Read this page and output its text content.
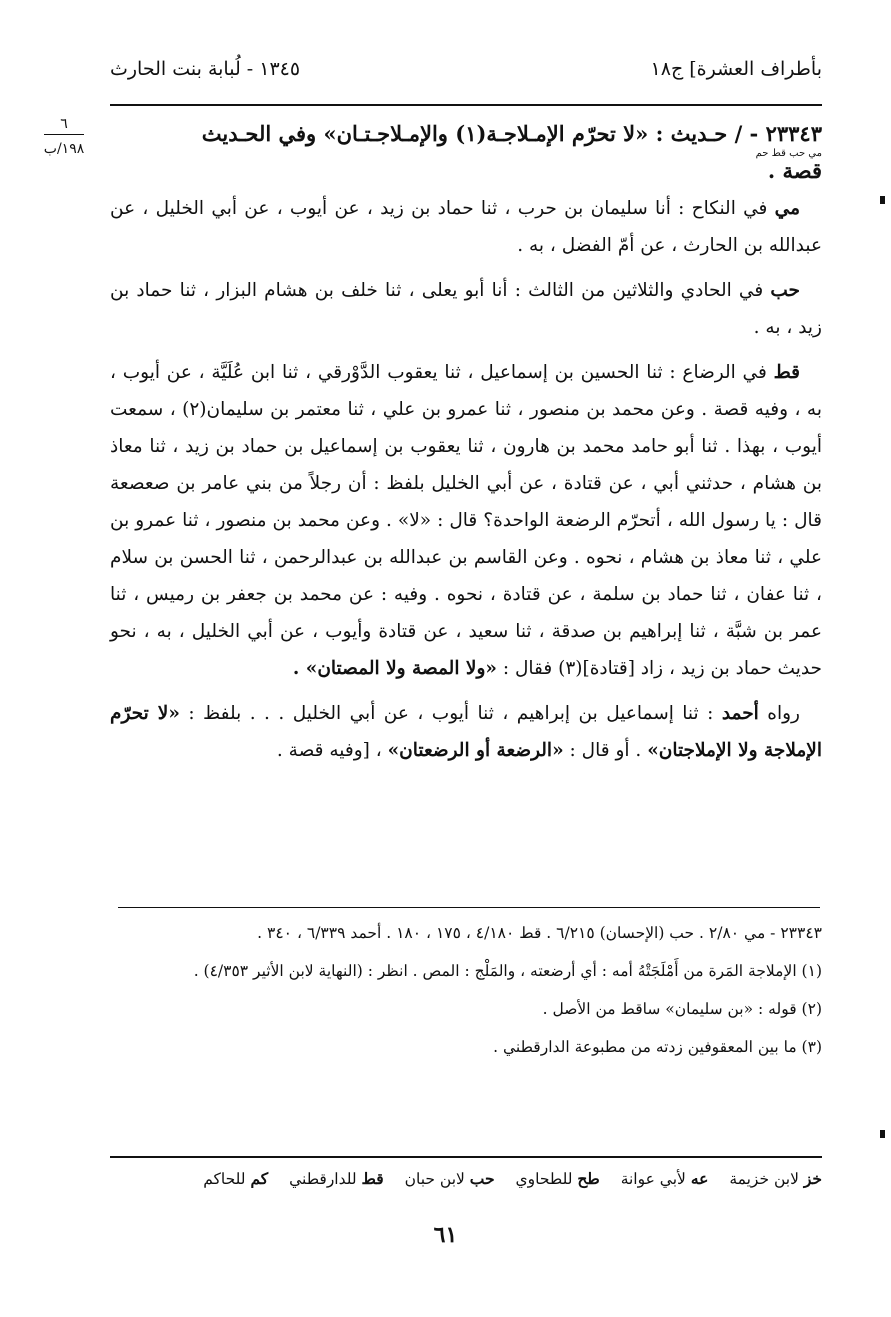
بأطراف العشرة] ج١٨
١٣٤٥ - لُبابة بنت الحارث
٦
١٩٨/ب
٢٣٣٤٣ - / حـديث : «لا تحرّم الإمـلاجـة(١) والإمـلاجـتـان» وفي الحـديث
مي حب قط حم
قصة .

مي في النكاح : أنا سليمان بن حرب ، ثنا حماد بن زيد ، عن أيوب ، عن أبي الخليل ، عن عبدالله بن الحارث ، عن أمّ الفضل ، به .

حب في الحادي والثلاثين من الثالث : أنا أبو يعلى ، ثنا خلف بن هشام البزار ، ثنا حماد بن زيد ، به .

قط في الرضاع : ثنا الحسين بن إسماعيل ، ثنا يعقوب الدَّوْرقي ، ثنا ابن عُلَيَّة ، عن أيوب ، به ، وفيه قصة . وعن محمد بن منصور ، ثنا عمرو بن علي ، ثنا معتمر بن سليمان(٢) ، سمعت أيوب ، بهذا . ثنا أبو حامد محمد بن هارون ، ثنا يعقوب بن إسماعيل بن حماد بن زيد ، ثنا معاذ بن هشام ، حدثني أبي ، عن قتادة ، عن أبي الخليل بلفظ : أن رجلاً من بني عامر بن صعصعة قال : يا رسول الله ، أتحرّم الرضعة الواحدة؟ قال : «لا» . وعن محمد بن منصور ، ثنا عمرو بن علي ، ثنا معاذ بن هشام ، نحوه . وعن القاسم بن عبدالله بن عبدالرحمن ، ثنا الحسن بن سلام ، ثنا عفان ، ثنا حماد بن سلمة ، عن قتادة ، نحوه . وفيه : عن محمد بن جعفر بن رميس ، ثنا عمر بن شبَّة ، ثنا إبراهيم بن صدقة ، ثنا سعيد ، عن قتادة وأيوب ، عن أبي الخليل ، به ، نحو حديث حماد بن زيد ، زاد [قتادة](٣) فقال : «ولا المصة ولا المصتان» .

رواه أحمد : ثنا إسماعيل بن إبراهيم ، ثنا أيوب ، عن أبي الخليل . . . بلفظ : «لا تحرّم الإملاجة ولا الإملاجتان» . أو قال : «الرضعة أو الرضعتان» ، [وفيه قصة .

٢٣٣٤٣ - مي ٢/٨٠ . حب (الإحسان) ٦/٢١٥ . قط ٤/١٨٠ ، ١٧٥ ، ١٨٠ . أحمد ٦/٣٣٩ ، ٣٤٠ .

(١) الإملاجة المَرة من أَمْلَجَتْهُ أمه : أي أرضعته ، والمَلْج : المص . انظر : (النهاية لابن الأثير ٤/٣٥٣) .

(٢) قوله : «بن سليمان» ساقط من الأصل .

(٣) ما بين المعقوفين زدته من مطبوعة الدارقطني .

خز لابن خزيمة عه لأبي عوانة طح للطحاوي حب لابن حبان قط للدارقطني كم للحاكم
٦١
